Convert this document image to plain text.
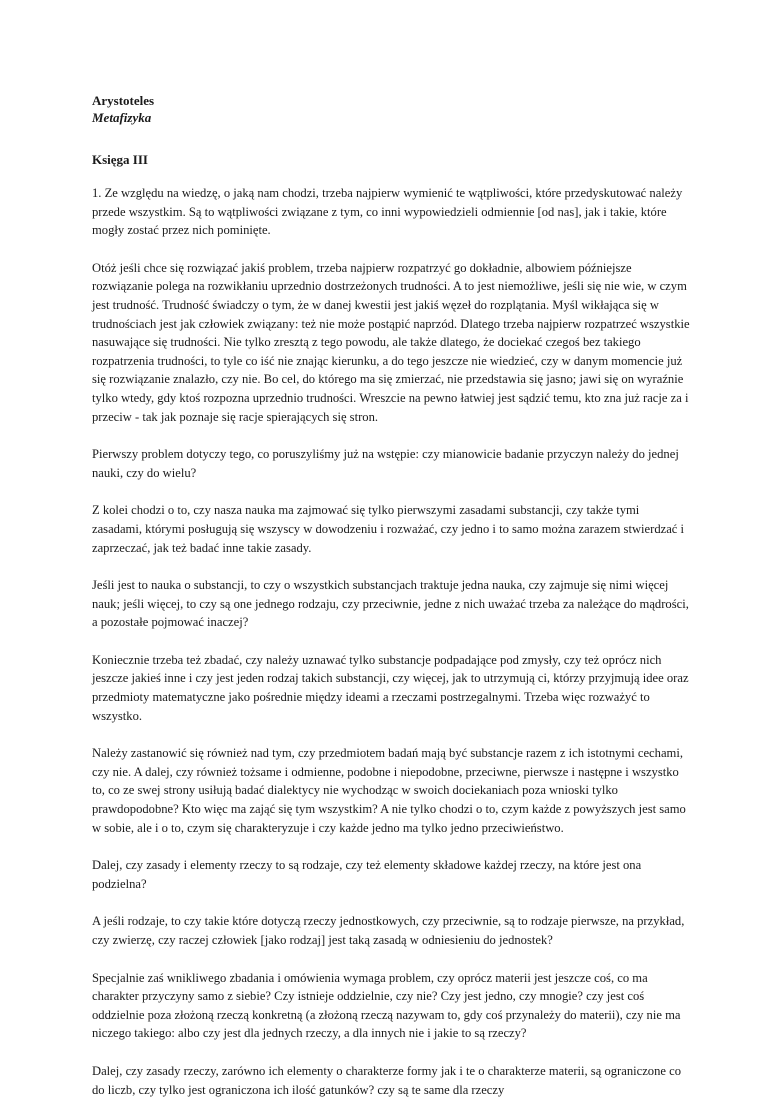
Arystoteles

Metafizyka

Księga III

1. Ze względu na wiedzę, o jaką nam chodzi, trzeba najpierw wymienić te wątpliwości, które przedyskutować należy przede wszystkim. Są to wątpliwości związane z tym, co inni wypowiedzieli odmiennie [od nas], jak i takie, które mogły zostać przez nich pominięte.

Otóż jeśli chce się rozwiązać jakiś problem, trzeba najpierw rozpatrzyć go dokładnie, albowiem późniejsze rozwiązanie polega na rozwikłaniu uprzednio dostrzeżonych trudności. A to jest niemożliwe, jeśli się nie wie, w czym jest trudność. Trudność świadczy o tym, że w danej kwestii jest jakiś węzeł do rozplątania. Myśl wikłająca się w trudnościach jest jak człowiek związany: też nie może postąpić naprzód. Dlatego trzeba najpierw rozpatrzeć wszystkie nasuwające się trudności. Nie tylko zresztą z tego powodu, ale także dlatego, że dociekać czegoś bez takiego rozpatrzenia trudności, to tyle co iść nie znając kierunku, a do tego jeszcze nie wiedzieć, czy w danym momencie już się rozwiązanie znalazło, czy nie. Bo cel, do którego ma się zmierzać, nie przedstawia się jasno; jawi się on wyraźnie tylko wtedy, gdy ktoś rozpozna uprzednio trudności. Wreszcie na pewno łatwiej jest sądzić temu, kto zna już racje za i przeciw - tak jak poznaje się racje spierających się stron.

Pierwszy problem dotyczy tego, co poruszyliśmy już na wstępie: czy mianowicie badanie przyczyn należy do jednej nauki, czy do wielu?

Z kolei chodzi o to, czy nasza nauka ma zajmować się tylko pierwszymi zasadami substancji, czy także tymi zasadami, którymi posługują się wszyscy w dowodzeniu i rozważać, czy jedno i to samo można zarazem stwierdzać i zaprzeczać, jak też badać inne takie zasady.

Jeśli jest to nauka o substancji, to czy o wszystkich substancjach traktuje jedna nauka, czy zajmuje się nimi więcej nauk; jeśli więcej, to czy są one jednego rodzaju, czy przeciwnie, jedne z nich uważać trzeba za należące do mądrości, a pozostałe pojmować inaczej?

Koniecznie trzeba też zbadać, czy należy uznawać tylko substancje podpadające pod zmysły, czy też oprócz nich jeszcze jakieś inne i czy jest jeden rodzaj takich substancji, czy więcej, jak to utrzymują ci, którzy przyjmują idee oraz przedmioty matematyczne jako pośrednie między ideami a rzeczami postrzegalnymi. Trzeba więc rozważyć to wszystko.

Należy zastanowić się również nad tym, czy przedmiotem badań mają być substancje razem z ich istotnymi cechami, czy nie. A dalej, czy również tożsame i odmienne, podobne i niepodobne, przeciwne, pierwsze i następne i wszystko to, co ze swej strony usiłują badać dialektycy nie wychodząc w swoich dociekaniach poza wnioski tylko prawdopodobne? Kto więc ma zająć się tym wszystkim? A nie tylko chodzi o to, czym każde z powyższych jest samo w sobie, ale i o to, czym się charakteryzuje i czy każde jedno ma tylko jedno przeciwieństwo.

Dalej, czy zasady i elementy rzeczy to są rodzaje, czy też elementy składowe każdej rzeczy, na które jest ona podzielna?

A jeśli rodzaje, to czy takie które dotyczą rzeczy jednostkowych, czy przeciwnie, są to rodzaje pierwsze, na przykład, czy zwierzę, czy raczej człowiek [jako rodzaj] jest taką zasadą w odniesieniu do jednostek?

Specjalnie zaś wnikliwego zbadania i omówienia wymaga problem, czy oprócz materii jest jeszcze coś, co ma charakter przyczyny samo z siebie? Czy istnieje oddzielnie, czy nie? Czy jest jedno, czy mnogie? czy jest coś oddzielnie poza złożoną rzeczą konkretną (a złożoną rzeczą nazywam to, gdy coś przynależy do materii), czy nie ma niczego takiego: albo czy jest dla jednych rzeczy, a dla innych nie i jakie to są rzeczy?

Dalej, czy zasady rzeczy, zarówno ich elementy o charakterze formy jak i te o charakterze materii, są ograniczone co do liczb, czy tylko jest ograniczona ich ilość gatunków? czy są te same dla rzeczy
